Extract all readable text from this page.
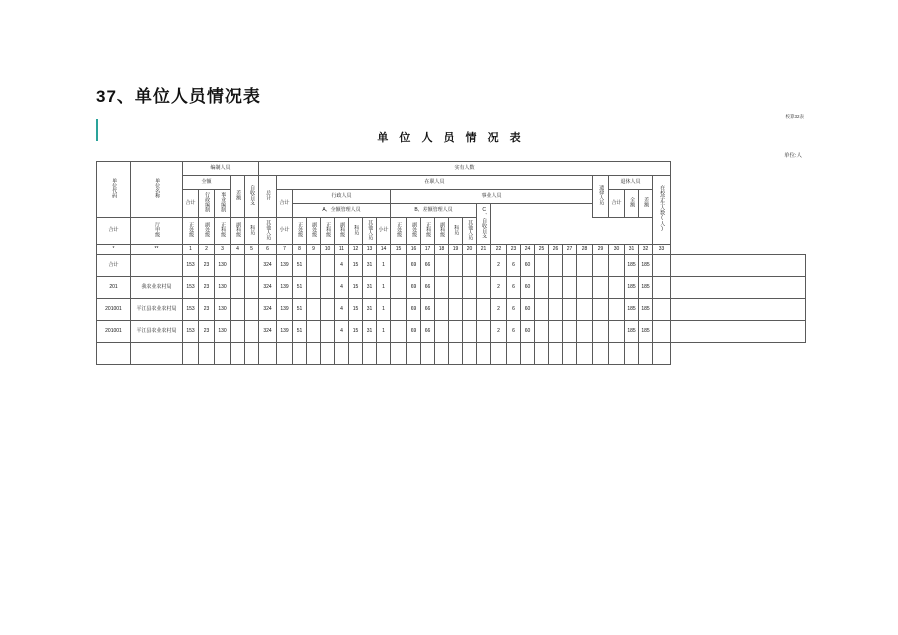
37、单位人员情况表
校算32表
单 位 人 员 情 况 表
单位:人
单位代码	单位名称	编制人员					实有人数																												
		全额			差额	自收自支	总计	在职人员																						遗律人员	退休人员			在校学生人数(人)	
		合计	行政编制	事业编制				合计	行政人员							事业人员															合计	全额	差额		
									A、全额管理人员							B、差额管理人员						C、自收自支													
合计	厅甲级	正处级	副处级	正科级	副科级	科员	其他人员	小计	正处级	副处级	正科级	副科级	科员	其他人员	小计	正处级	副处级	正科级	副科级	科员	其他人员														
*	**	1	2	3	4	5	6	7	8	9	10	11	12	13	14	15	16	17	18	19	20	21	22	23	24	25	26	27	28	29	30	31	32	33	
合计		153	23	130			324	139	51			4	15	31	1		69	66					2	6	60							185	185		
201	我农业农村局	153	23	130			324	139	51			4	15	31	1		69	66					2	6	60							185	185		
201001	平江县农业农村局	153	23	130			324	139	51			4	15	31	1		69	66					2	6	60							185	185		
201001	平江县农业农村局	153	23	130			324	139	51			4	15	31	1		69	66					2	6	60							185	185		
